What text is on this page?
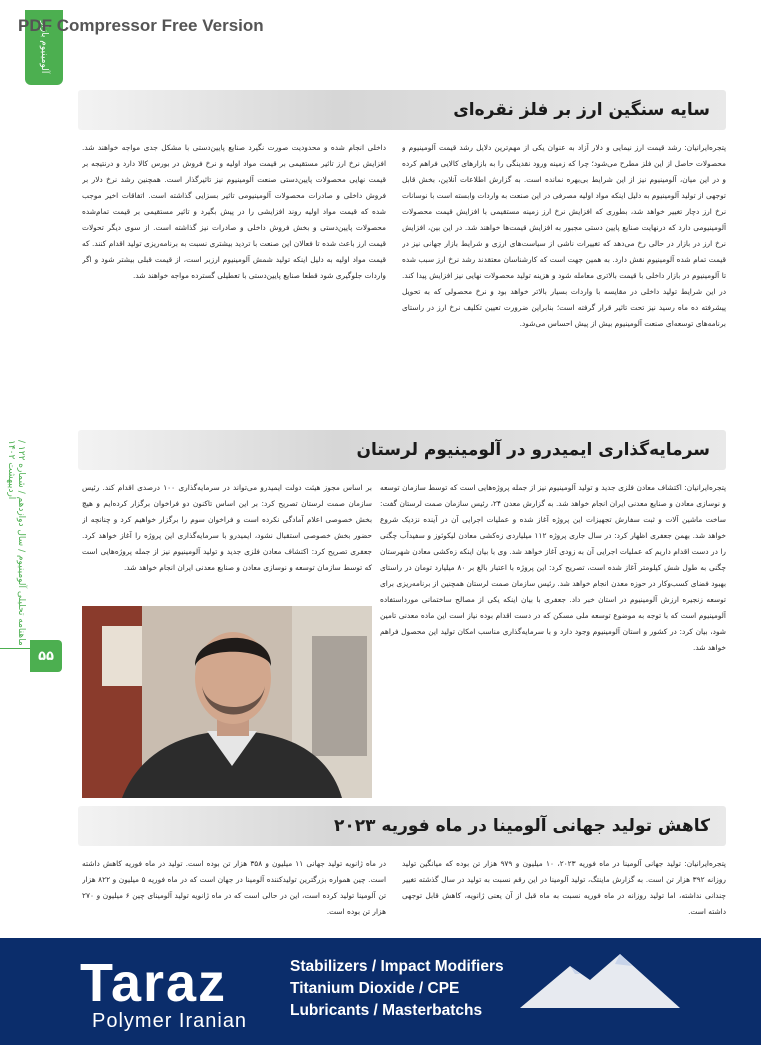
PDF Compressor Free Version
آلومینیوم بازار
ماهنامه تحلیلی آلومینیوم / سال دوازدهم / شماره ۱۲۲ / اردیبهشت ۱۴۰۲
۵۵
سایه سنگین ارز بر فلز نقره‌ای

پتجره‌ایرانیان: رشد قیمت ارز نیمایی و دلار آزاد به عنوان یکی از مهم‌ترین دلایل رشد قیمت آلومینیوم و محصولات حاصل از این فلز مطرح می‌شود؛ چرا که زمینه ورود نقدینگی را به بازارهای کالایی فراهم کرده و در این میان، آلومینیوم نیز از این شرایط بی‌بهره نمانده است. به گزارش اطلاعات آنلاین، بخش قابل توجهی از تولید آلومینیوم به دلیل اینکه مواد اولیه مصرفی در این صنعت به واردات وابسته است با نوسانات نرخ ارز دچار تغییر خواهد شد، بطوری که افزایش نرخ ارز زمینه مستقیمی با افزایش قیمت محصولات آلومینیومی دارد که درنهایت صنایع پایین دستی مجبور به افزایش قیمت‌ها خواهند شد. در این بین، افزایش نرخ ارز در بازار در حالی رخ می‌دهد که تغییرات ناشی از سیاست‌های ارزی و شرایط بازار جهانی نیز در قیمت تمام شده آلومینیوم نقش دارد. به همین جهت است که کارشناسان معتقدند رشد نرخ ارز سبب شده تا آلومینیوم در بازار داخلی با قیمت بالاتری معامله شود و هزینه تولید محصولات نهایی نیز افزایش پیدا کند. در این شرایط تولید داخلی در مقایسه با واردات بسیار بالاتر خواهد بود و نرخ محصولی که به تحویل پیشرفته ده ماه رسید نیز تحت تاثیر قرار گرفته است؛ بنابراین ضرورت تعیین تکلیف نرخ ارز در راستای برنامه‌های توسعه‌ای صنعت آلومینیوم بیش از پیش احساس می‌شود.

داخلی انجام شده و محدودیت صورت نگیرد صنایع پایین‌دستی با مشکل جدی مواجه خواهند شد. افزایش نرخ ارز تاثیر مستقیمی بر قیمت مواد اولیه و نرخ فروش در بورس کالا دارد و درنتیجه بر قیمت نهایی محصولات پایین‌دستی صنعت آلومینیوم نیز تاثیرگذار است. همچنین رشد نرخ دلار بر فروش داخلی و صادرات محصولات آلومینیومی تاثیر بسزایی گذاشته است. اتفاقات اخیر موجب شده که قیمت مواد اولیه روند افزایشی را در پیش بگیرد و تاثیر مستقیمی بر قیمت تمام‌شده محصولات پایین‌دستی و بخش فروش داخلی و صادرات نیز گذاشته است. از سوی دیگر تحولات قیمت ارز باعث شده تا فعالان این صنعت با تردید بیشتری نسبت به برنامه‌ریزی تولید اقدام کنند. که قیمت مواد اولیه به دلیل اینکه تولید شمش آلومینیوم ارزبر است، از قیمت قبلی بیشتر شود و اگر واردات جلوگیری شود قطعا صنایع پایین‌دستی با تعطیلی گسترده مواجه خواهند شد.

سرمایه‌گذاری ایمیدرو در آلومینیوم لرستان

پتجره‌ایرانیان: اکتشاف معادن فلزی جدید و تولید آلومینیوم نیز از جمله پروژه‌هایی است که توسط سازمان توسعه و نوسازی معادن و صنایع معدنی ایران انجام خواهد شد. به گزارش معدن ۲۴، رئیس سازمان صمت لرستان گفت: ساخت ماشین آلات و ثبت سفارش تجهیزات این پروژه آغاز شده و عملیات اجرایی آن در آینده نزدیک شروع خواهد شد. بهمن جعفری اظهار کرد: در سال جاری پروژه ۱۱۲ میلیاردی زه‌کشی معادن لیکوئوز و سفیدآب چگنی را در دست اقدام داریم که عملیات اجرایی آن به زودی آغاز خواهد شد. وی با بیان اینکه زه‌کشی معادن شهرستان چگنی به طول شش کیلومتر آغاز شده است، تصریح کرد: این پروژه با اعتبار بالغ بر ۸۰ میلیارد تومان در راستای بهبود فضای کسب‌وکار در حوزه معدن انجام خواهد شد. رئیس سازمان صمت لرستان همچنین از برنامه‌ریزی برای توسعه زنجیره ارزش آلومینیوم در استان خبر داد. جعفری با بیان اینکه یکی از مصالح ساختمانی مورداستفاده آلومینیوم است که با توجه به موضوع توسعه ملی مسکن که در دست اقدام بوده نیاز است این ماده معدنی تامین شود، بیان کرد: در کشور و استان آلومینیوم وجود دارد و با سرمایه‌گذاری مناسب امکان تولید این محصول فراهم خواهد شد.

بر اساس مجوز هیئت دولت ایمیدرو می‌تواند در سرمایه‌گذاری ۱۰۰ درصدی اقدام کند. رئیس سازمان صمت لرستان تصریح کرد: بر این اساس تاکنون دو فراخوان برگزار کرده‌ایم و هیچ بخش خصوصی اعلام آمادگی نکرده است و فراخوان سوم را برگزار خواهیم کرد و چنانچه از حضور بخش خصوصی استقبال نشود، ایمیدرو با سرمایه‌گذاری این پروژه را آغاز خواهد کرد. جعفری تصریح کرد: اکتشاف معادن فلزی جدید و تولید آلومینیوم نیز از جمله پروژه‌هایی است که توسط سازمان توسعه و نوسازی معادن و صنایع معدنی ایران انجام خواهد شد.

کاهش تولید جهانی آلومینا در ماه فوریه ۲۰۲۳

پتجره‌ایرانیان: تولید جهانی آلومینا در ماه فوریه ۲۰۲۳، ۱۰ میلیون و ۹۷۹ هزار تن بوده که میانگین تولید روزانه ۳۹۲ هزار تن است. به گزارش ماینتگ، تولید آلومینا در این رقم نسبت به تولید در سال گذشته تغییر چندانی نداشته، اما تولید روزانه در ماه فوریه نسبت به ماه قبل از آن یعنی ژانویه، کاهش قابل توجهی داشته است.

در ماه ژانویه تولید جهانی ۱۱ میلیون و ۳۵۸ هزار تن بوده است. تولید در ماه فوریه کاهش داشته است. چین همواره بزرگترین تولیدکننده آلومینا در جهان است که در ماه فوریه ۵ میلیون و ۸۲۲ هزار تن آلومینا تولید کرده است، این در حالی است که در ماه ژانویه تولید آلومینای چین ۶ میلیون و ۲۷۰ هزار تن بوده است.

Taraz
Polymer Iranian
Stabilizers / Impact Modifiers
Titanium Dioxide / CPE
Lubricants / Masterbatchs
